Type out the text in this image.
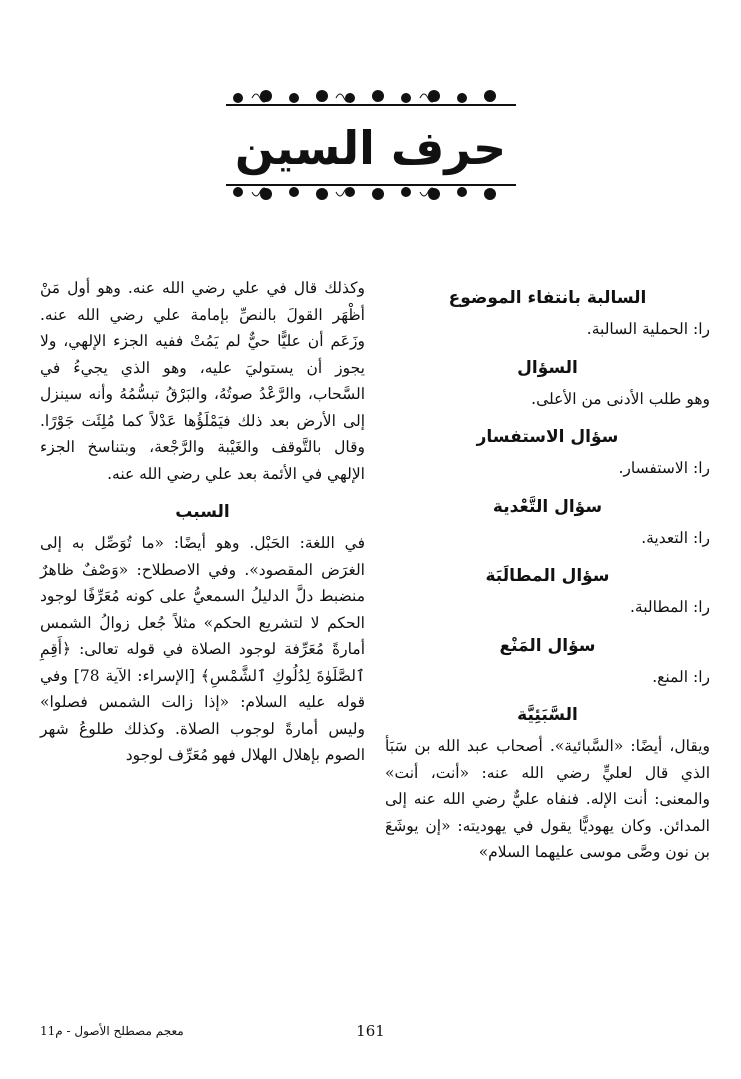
حرف السين
السالبة بانتفاء الموضوع
را: الحملية السالبة.
السؤال
وهو طلب الأدنى من الأعلى.
سؤال الاستفسار
را: الاستفسار.
سؤال التَّعْدية
را: التعدية.
سؤال المطالَبَة
را: المطالبة.
سؤال المَنْع
را: المنع.
السَّبَئِيَّة
ويقال، أيضًا: «السَّبائية». أصحاب عبد الله بن سَبَأ الذي قال لعليٍّ رضي الله عنه: «أنت، أنت» والمعنى: أنت الإله. فنفاه عليٌّ رضي الله عنه إلى المدائن. وكان يهوديًّا يقول في يهوديته: «إن يوشَعَ بن نون وصَّى موسى عليهما السلام»
وكذلك قال في علي رضي الله عنه. وهو أول مَنْ أظْهَر القولَ بالنصِّ بإمامة علي رضي الله عنه. وزَعَم أن عليًّا حيٌّ لم يَمُتْ ففيه الجزء الإلهي، ولا يجوز أن يستوليَ عليه، وهو الذي يجيءُ في السَّحاب، والرَّعْدُ صوتُهُ، والبَرْقُ تبسُّمُهُ وأنه سينزل إلى الأرض بعد ذلك فيَمْلَؤُها عَدْلاً كما مُلِئَت جَوْرًا. وقال بالتَّوقف والغَيْبة والرَّجْعة، وبتناسخ الجزء الإلهي في الأئمة بعد علي رضي الله عنه.
السبب
في اللغة: الحَبْل. وهو أيضًا: «ما تُوَصِّل به إلى الغرَض المقصود». وفي الاصطلاح: «وَصْفٌ ظاهرٌ منضبط دلَّ الدليلُ السمعيُّ على كونه مُعَرِّفًا لوجود الحكم لا لتشريع الحكم» مثلاً جُعل زوالُ الشمس أمارةً مُعَرِّفة لوجود الصلاة في قوله تعالى: ﴿أَقِمِ ٱلصَّلَوٰةَ لِدُلُوكِ ٱلشَّمْسِ﴾ [الإسراء: الآية 78] وفي قوله عليه السلام: «إذا زالت الشمس فصلوا» وليس أمارةً لوجوب الصلاة. وكذلك طلوعُ شهر الصوم بإهلال الهلال فهو مُعَرِّف لوجود
161
معجم مصطلح الأصول - م11
